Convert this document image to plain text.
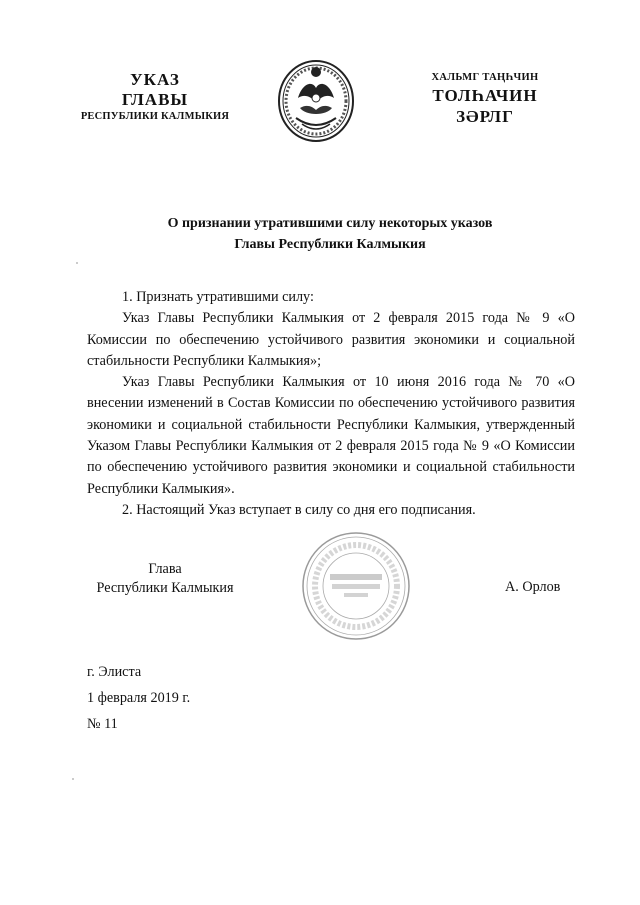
УКАЗ
ГЛАВЫ
РЕСПУБЛИКИ КАЛМЫКИЯ
ХАЛЬМГ ТАҢҺЧИН
ТОЛҺАЧИН
ЗӘРЛГ
О признании утратившими силу некоторых указов
Главы Республики Калмыкия

1. Признать утратившими силу:

Указ Главы Республики Калмыкия от 2 февраля 2015 года № 9 «О Комиссии по обеспечению устойчивого развития экономики и социальной стабильности Республики Калмыкия»;

Указ Главы Республики Калмыкия от 10 июня 2016 года № 70 «О внесении изменений в Состав Комиссии по обеспечению устойчивого развития экономики и социальной стабильности Республики Калмыкия, утвержденный Указом Главы Республики Калмыкия от 2 февраля 2015 года № 9 «О Комиссии по обеспечению устойчивого развития экономики и социальной стабильности Республики Калмыкия».

2. Настоящий Указ вступает в силу со дня его подписания.

Глава
Республики Калмыкия	А. Орлов
г. Элиста
1 февраля 2019 г.
№ 11
